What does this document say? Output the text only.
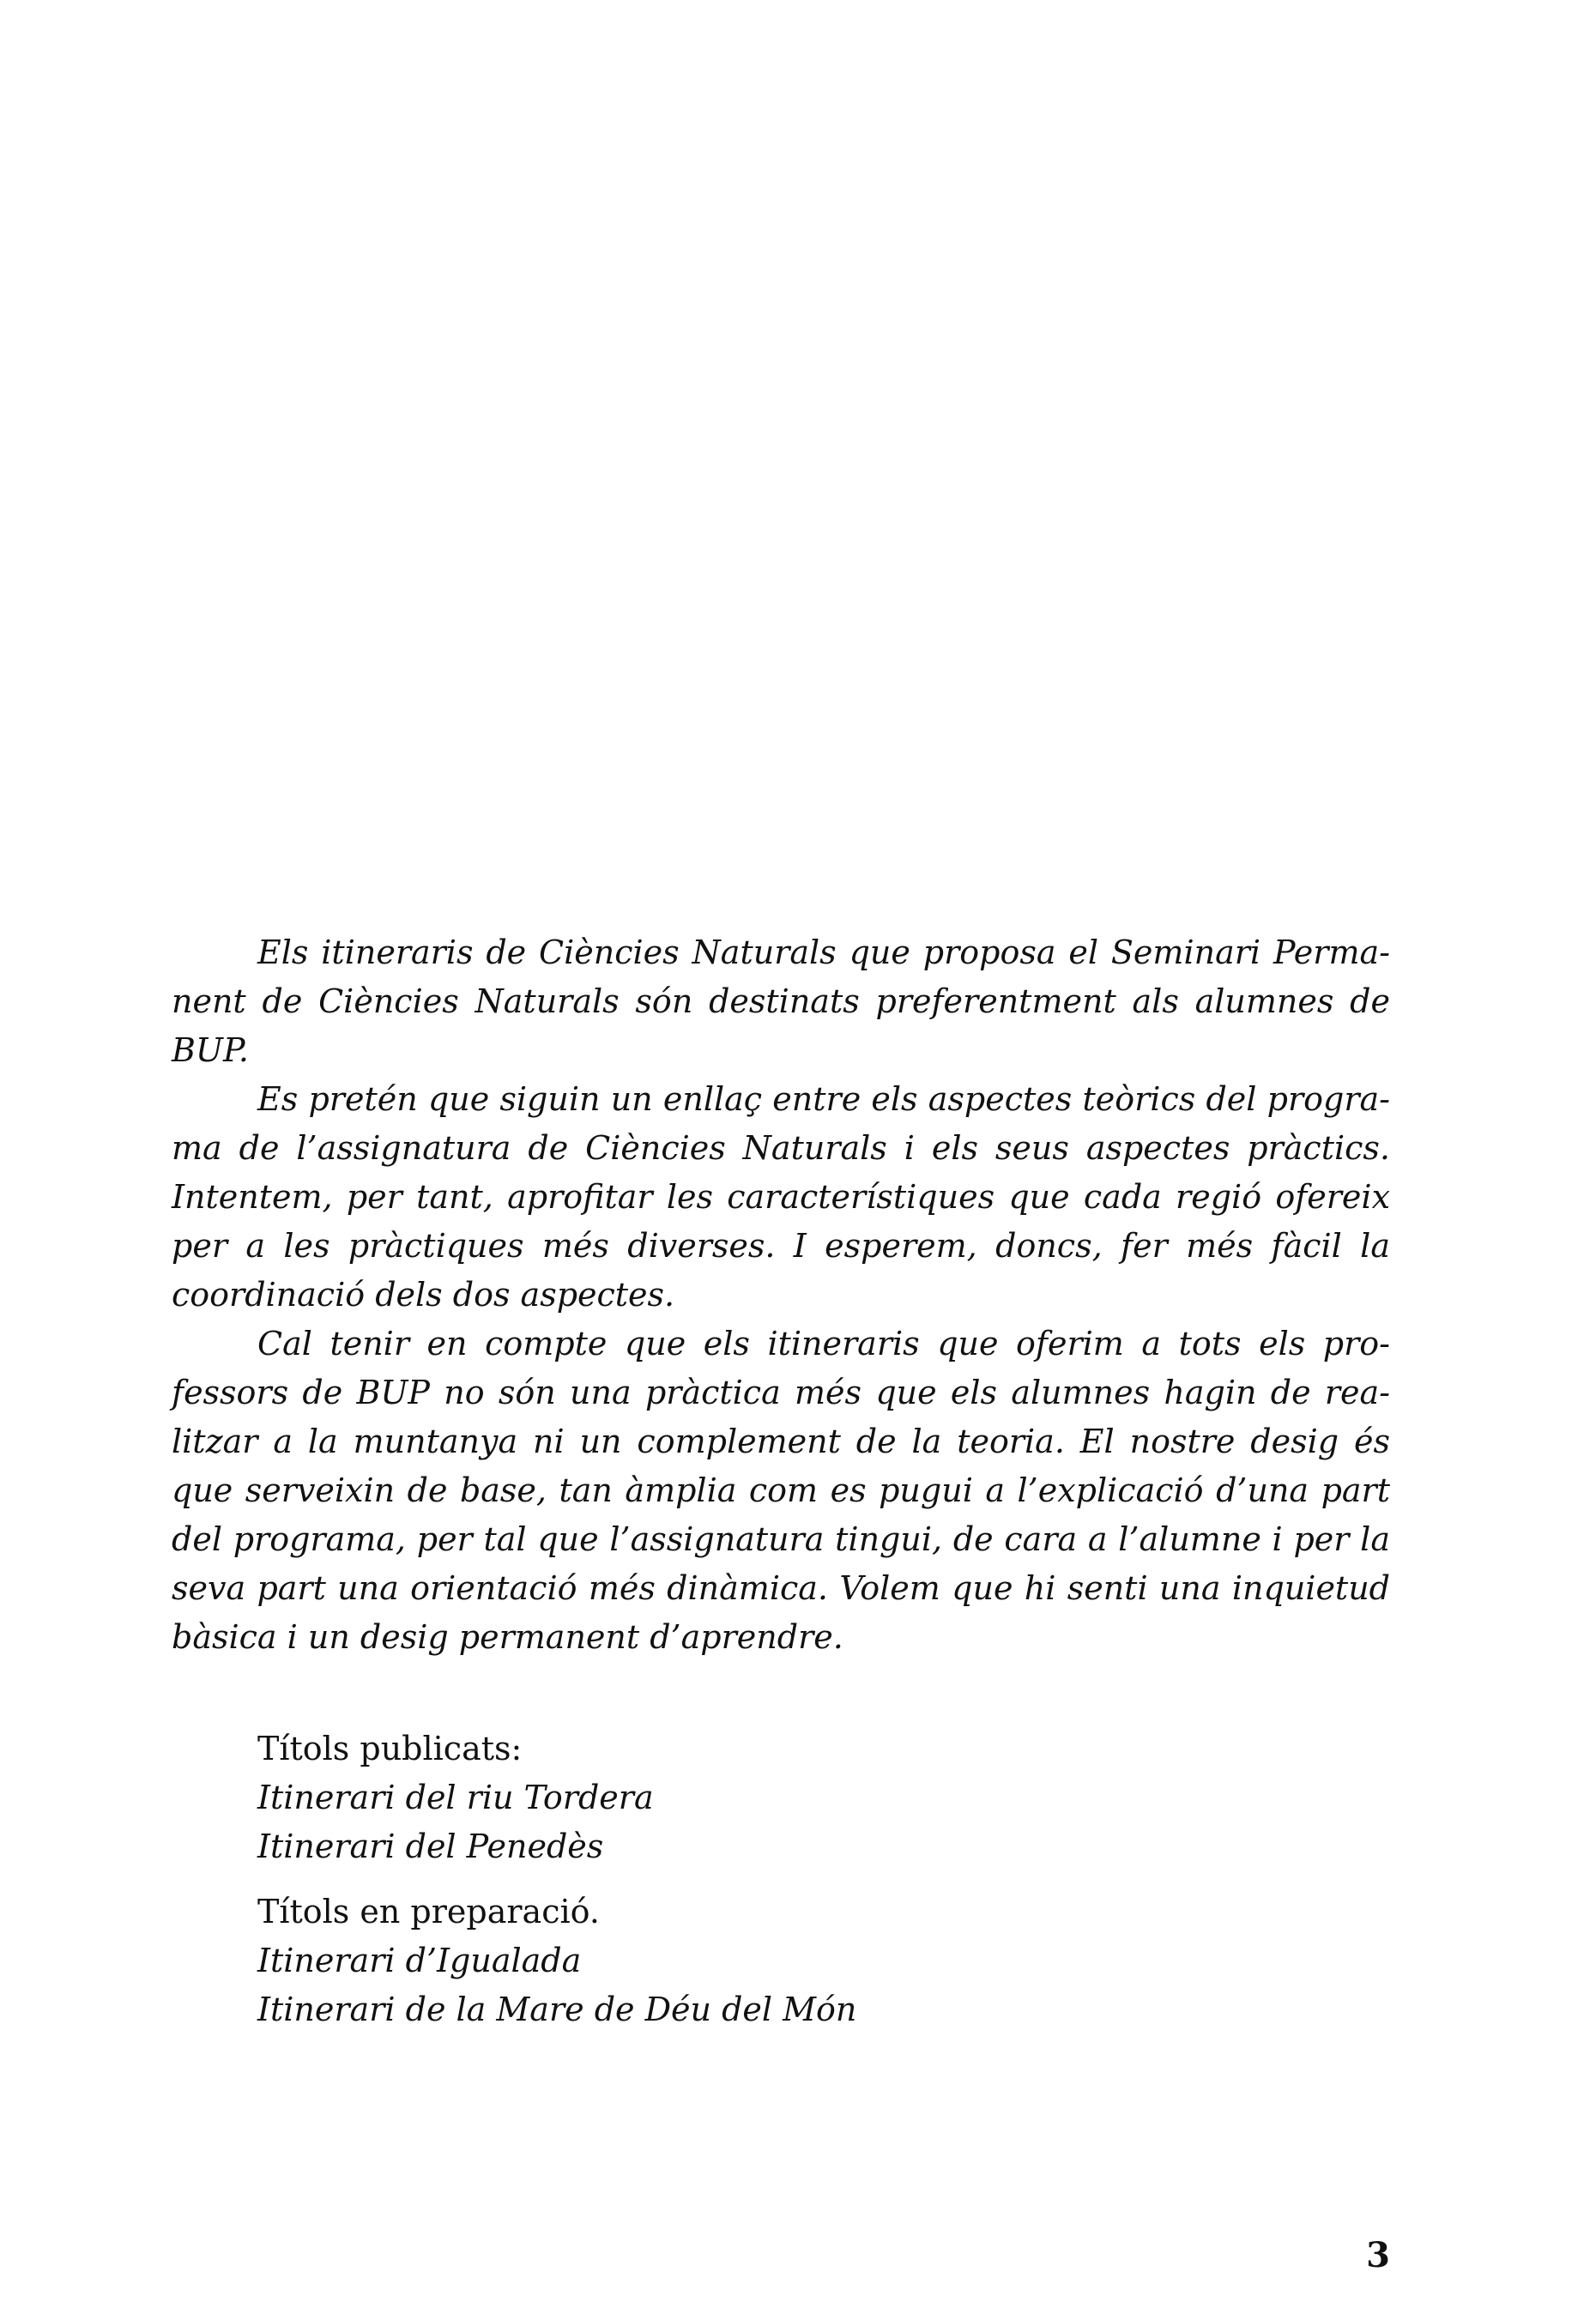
Els itineraris de Ciències Naturals que proposa el Seminari Permanent de Ciències Naturals són destinats preferentment als alumnes de BUP.

Es pretén que siguin un enllaç entre els aspectes teòrics del programa de l’assignatura de Ciències Naturals i els seus aspectes pràctics. Intentem, per tant, aprofitar les característiques que cada regió ofereix per a les pràctiques més diverses. I esperem, doncs, fer més fàcil la coordinació dels dos aspectes.

Cal tenir en compte que els itineraris que oferim a tots els professors de BUP no són una pràctica més que els alumnes hagin de realitzar a la muntanya ni un complement de la teoria. El nostre desig és que serveixin de base, tan àmplia com es pugui a l’explicació d’una part del programa, per tal que l’assignatura tingui, de cara a l’alumne i per la seva part una orientació més dinàmica. Volem que hi senti una inquietud bàsica i un desig permanent d’aprendre.

Títols publicats:
Itinerari del riu Tordera
Itinerari del Penedès
Títols en preparació.
Itinerari d’Igualada
Itinerari de la Mare de Déu del Món
3
